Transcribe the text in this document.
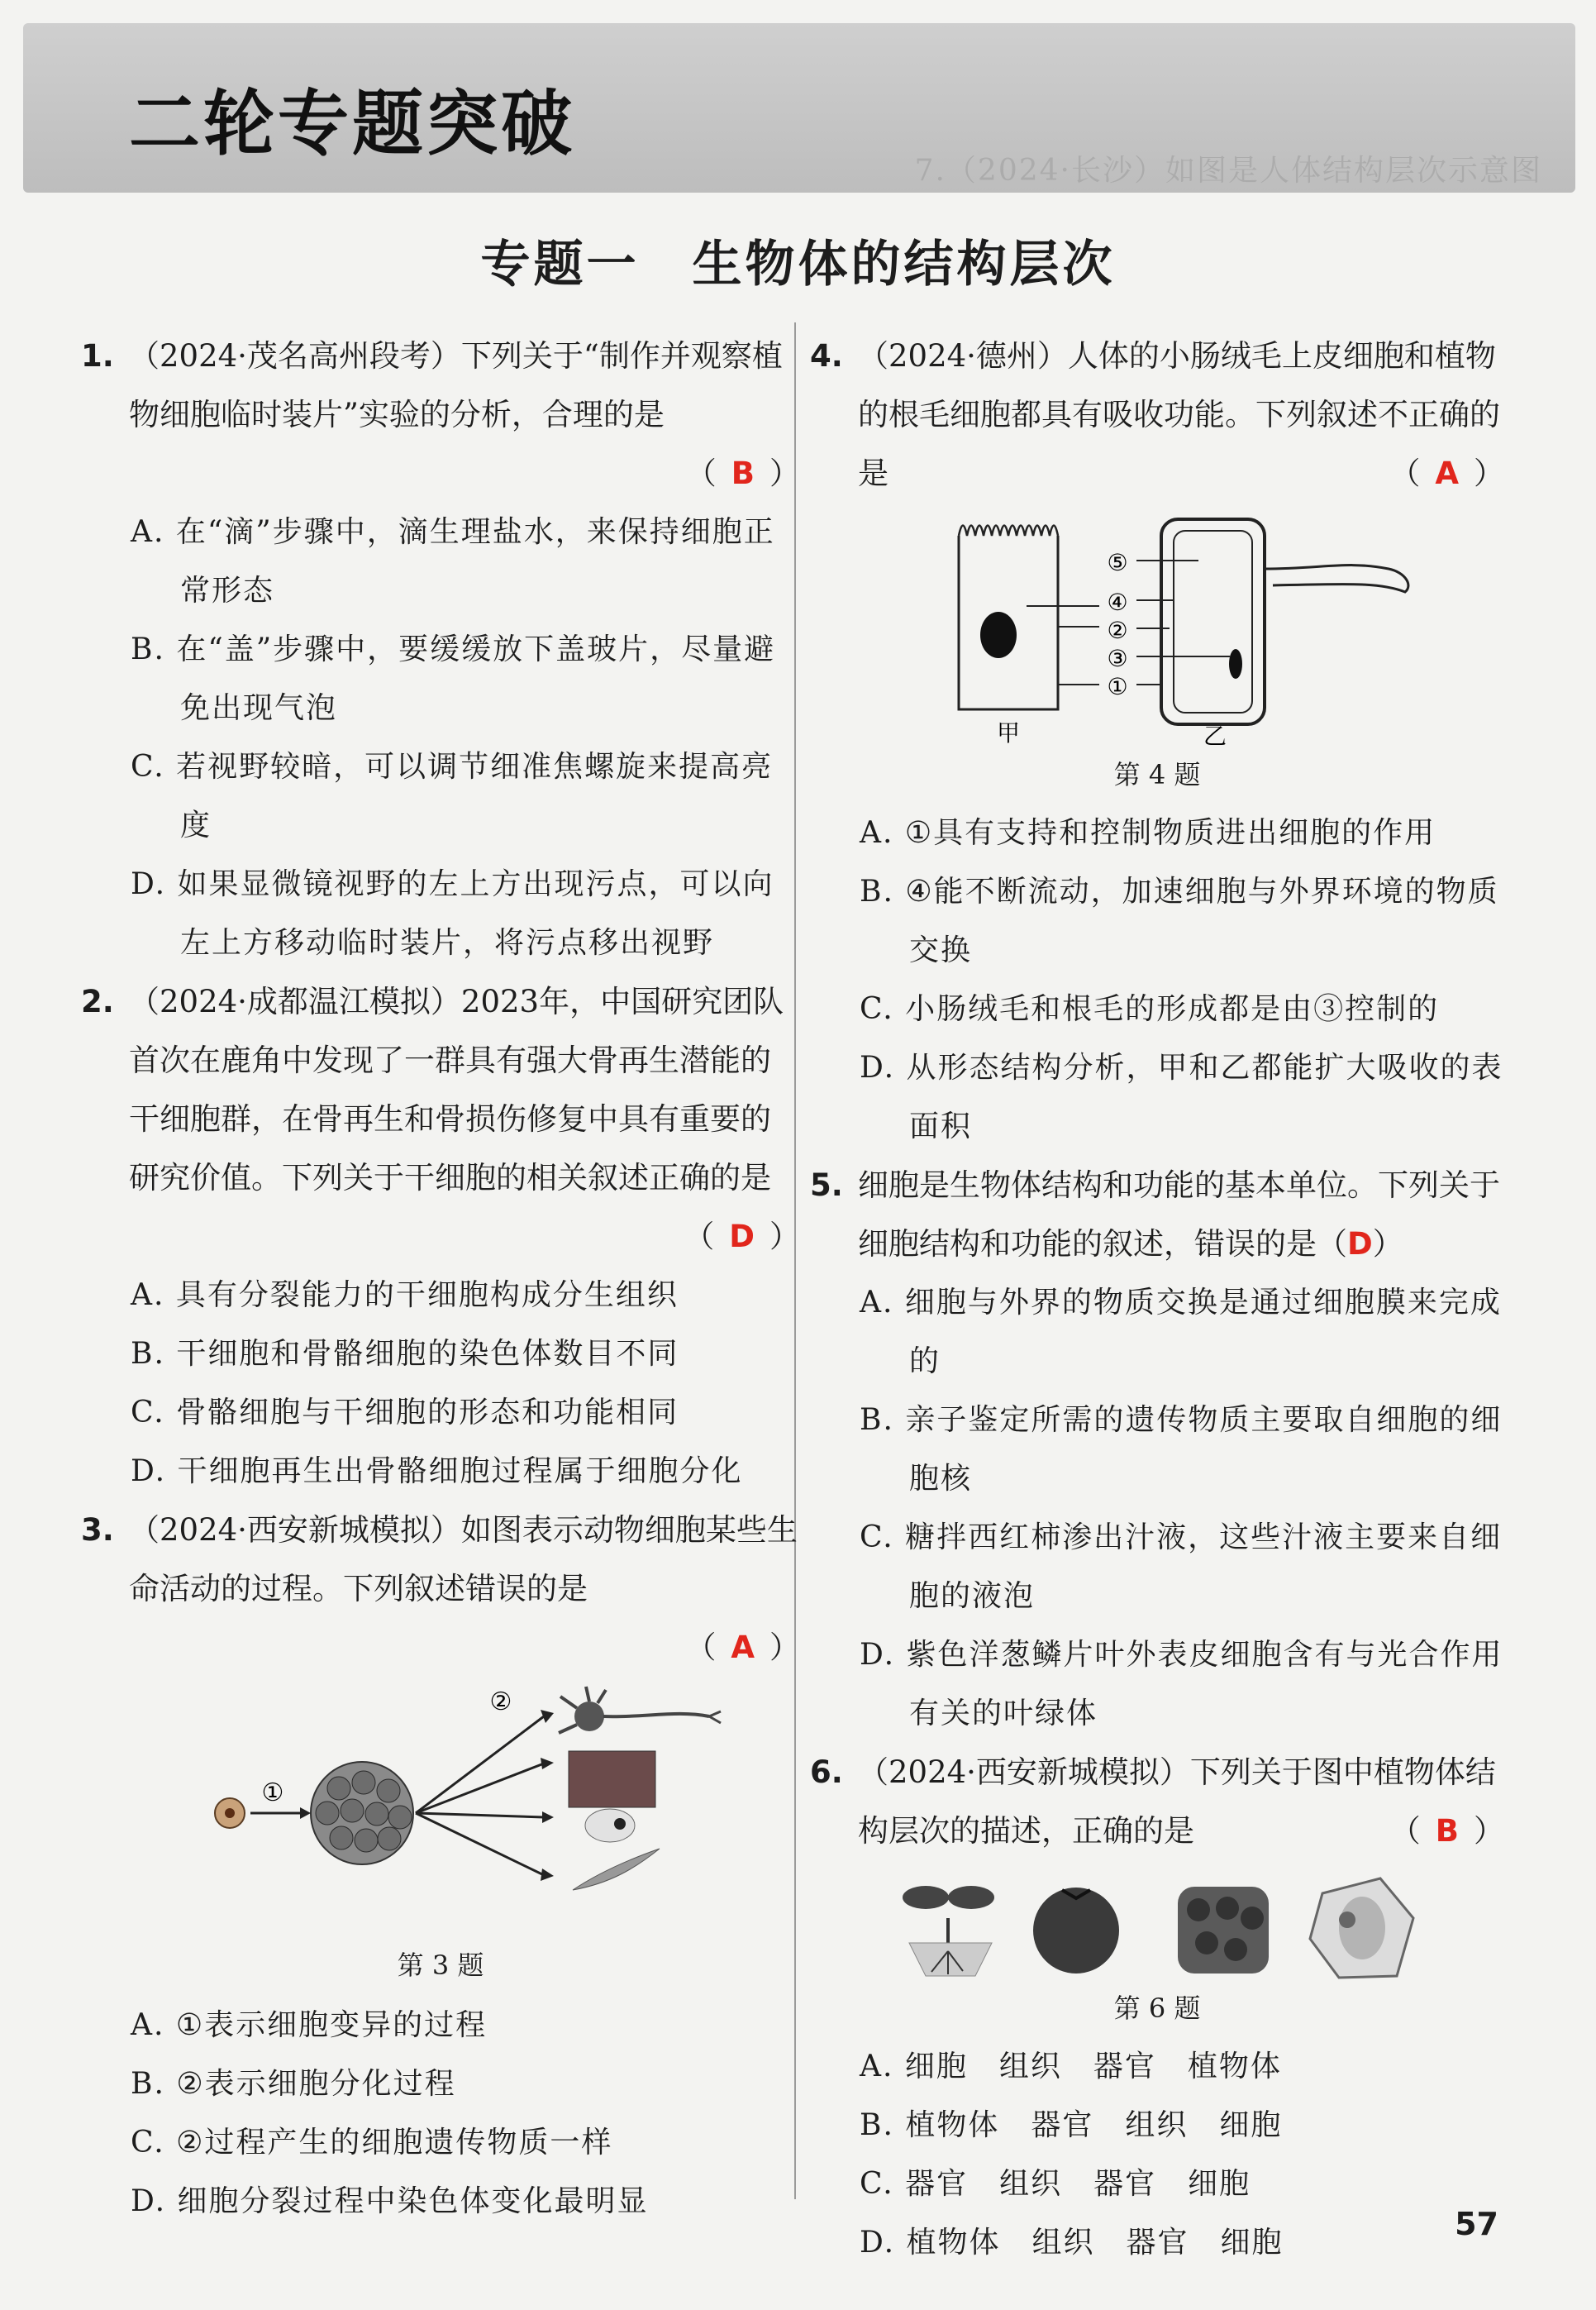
7.（2024·长沙）如图是人体结构层次示意图
二轮专题突破
专题一　生物体的结构层次
1. （2024·茂名高州段考）下列关于“制作并观察植物细胞临时装片”实验的分析，合理的是
（ B ）
A. 在“滴”步骤中，滴生理盐水，来保持细胞正常形态
B. 在“盖”步骤中，要缓缓放下盖玻片，尽量避免出现气泡
C. 若视野较暗，可以调节细准焦螺旋来提高亮度
D. 如果显微镜视野的左上方出现污点，可以向左上方移动临时装片，将污点移出视野
2. （2024·成都温江模拟）2023年，中国研究团队首次在鹿角中发现了一群具有强大骨再生潜能的干细胞群，在骨再生和骨损伤修复中具有重要的研究价值。下列关于干细胞的相关叙述正确的是
（ D ）
A. 具有分裂能力的干细胞构成分生组织
B. 干细胞和骨骼细胞的染色体数目不同
C. 骨骼细胞与干细胞的形态和功能相同
D. 干细胞再生出骨骼细胞过程属于细胞分化
3. （2024·西安新城模拟）如图表示动物细胞某些生命活动的过程。下列叙述错误的是
（ A ）
①
②
第 3 题
A. ①表示细胞变异的过程
B. ②表示细胞分化过程
C. ②过程产生的细胞遗传物质一样
D. 细胞分裂过程中染色体变化最明显
4. （2024·德州）人体的小肠绒毛上皮细胞和植物的根毛细胞都具有吸收功能。下列叙述不正确的是	（ A ）
⑤
④
②
③
①
甲	乙
第 4 题
A. ①具有支持和控制物质进出细胞的作用
B. ④能不断流动，加速细胞与外界环境的物质交换
C. 小肠绒毛和根毛的形成都是由③控制的
D. 从形态结构分析，甲和乙都能扩大吸收的表面积
5. 细胞是生物体结构和功能的基本单位。下列关于细胞结构和功能的叙述，错误的是（D）
A. 细胞与外界的物质交换是通过细胞膜来完成的
B. 亲子鉴定所需的遗传物质主要取自细胞的细胞核
C. 糖拌西红柿渗出汁液，这些汁液主要来自细胞的液泡
D. 紫色洋葱鳞片叶外表皮细胞含有与光合作用有关的叶绿体
6. （2024·西安新城模拟）下列关于图中植物体结构层次的描述，正确的是	（ B ）
第 6 题
A. 细胞　组织　器官　植物体
B. 植物体　器官　组织　细胞
C. 器官　组织　器官　细胞
D. 植物体　组织　器官　细胞
57
